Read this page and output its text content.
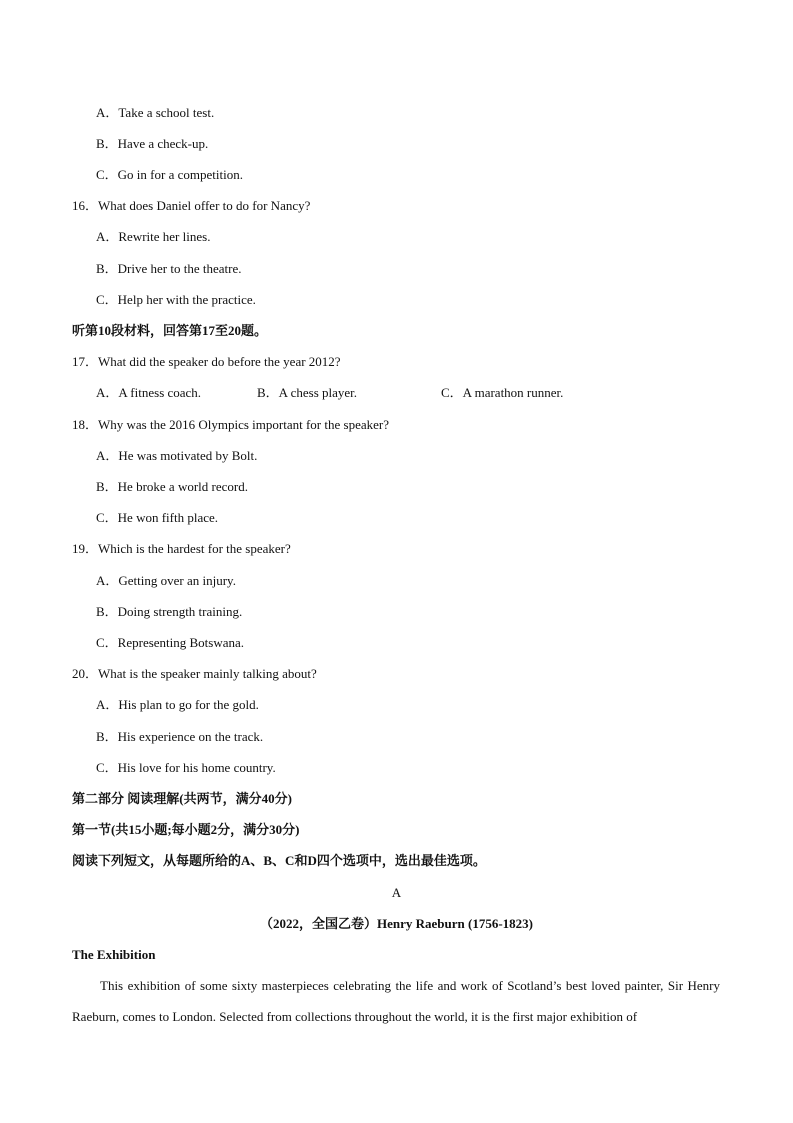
A．Take a school test.
B．Have a check-up.
C．Go in for a competition.
16．What does Daniel offer to do for Nancy?
A．Rewrite her lines.
B．Drive her to the theatre.
C．Help her with the practice.
听第10段材料，回答第17至20题。
17．What did the speaker do before the year 2012?
A．A fitness coach.	B．A chess player.	C．A marathon runner.
18．Why was the 2016 Olympics important for the speaker?
A．He was motivated by Bolt.
B．He broke a world record.
C．He won fifth place.
19．Which is the hardest for the speaker?
A．Getting over an injury.
B．Doing strength training.
C．Representing Botswana.
20．What is the speaker mainly talking about?
A．His plan to go for the gold.
B．His experience on the track.
C．His love for his home country.
第二部分 阅读理解(共两节，满分40分)
第一节(共15小题;每小题2分，满分30分)
阅读下列短文，从每题所给的A、B、C和D四个选项中，选出最佳选项。
A
（2022，全国乙卷）Henry Raeburn (1756-1823)
The Exhibition
This exhibition of some sixty masterpieces celebrating the life and work of Scotland’s best loved painter, Sir Henry Raeburn, comes to London. Selected from collections throughout the world, it is the first major exhibition of
